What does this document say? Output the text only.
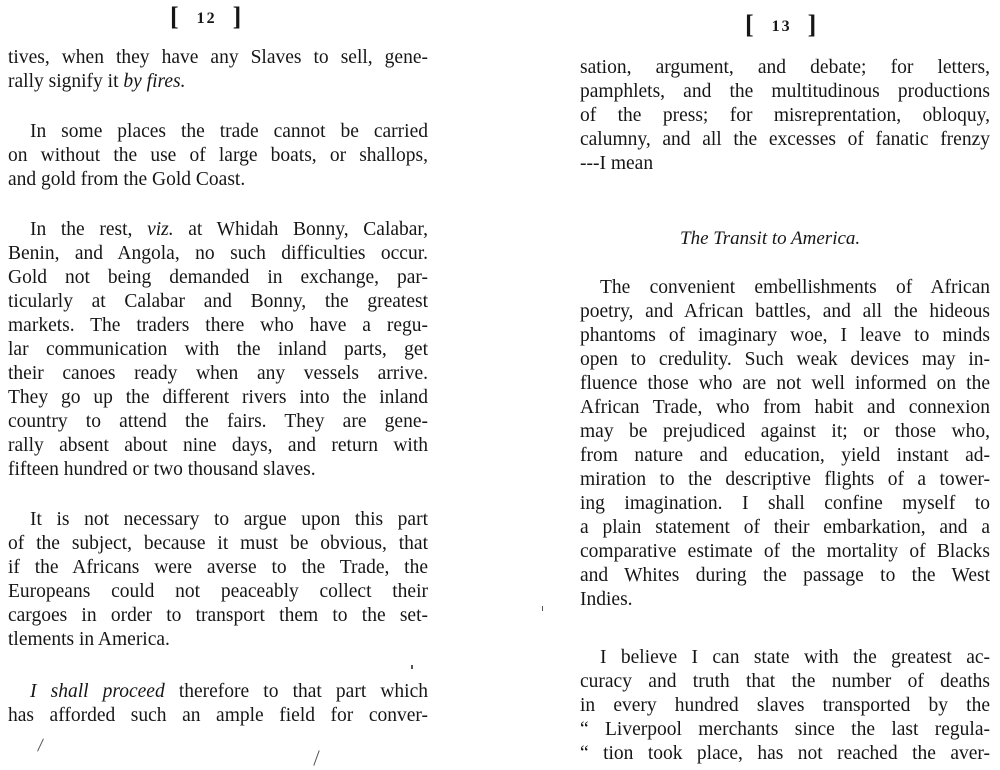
[ 12 ]
tives, when they have any Slaves to sell, gene-
rally signify it by fires.
In some places the trade cannot be carried
on without the use of large boats, or shallops,
and gold from the Gold Coast.
In the rest, viz. at Whidah Bonny, Calabar,
Benin, and Angola, no such difficulties occur.
Gold not being demanded in exchange, par-
ticularly at Calabar and Bonny, the greatest
markets. The traders there who have a regu-
lar communication with the inland parts, get
their canoes ready when any vessels arrive.
They go up the different rivers into the inland
country to attend the fairs. They are gene-
rally absent about nine days, and return with
fifteen hundred or two thousand slaves.
It is not necessary to argue upon this part
of the subject, because it must be obvious, that
if the Africans were averse to the Trade, the
Europeans could not peaceably collect their
cargoes in order to transport them to the set-
tlements in America.
I shall proceed therefore to that part which
has afforded such an ample field for conver-
[ 13 ]
sation, argument, and debate; for letters,
pamphlets, and the multitudinous productions
of the press; for misreprentation, obloquy,
calumny, and all the excesses of fanatic frenzy
---I mean
The Transit to America.
The convenient embellishments of African
poetry, and African battles, and all the hideous
phantoms of imaginary woe, I leave to minds
open to credulity. Such weak devices may in-
fluence those who are not well informed on the
African Trade, who from habit and connexion
may be prejudiced against it; or those who,
from nature and education, yield instant ad-
miration to the descriptive flights of a tower-
ing imagination. I shall confine myself to
a plain statement of their embarkation, and a
comparative estimate of the mortality of Blacks
and Whites during the passage to the West
Indies.
I believe I can state with the greatest ac-
curacy and truth that the number of deaths
in every hundred slaves transported by the
“ Liverpool merchants since the last regula-
“ tion took place, has not reached the aver-
